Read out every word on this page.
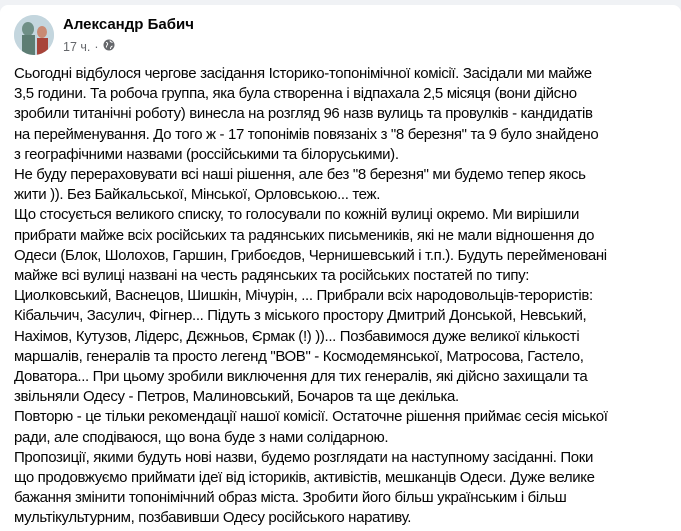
Александр Бабич
17 ч. ·
Сьогодні відбулося чергове засідання Історико-топонімічної комісії. Засідали ми майже
3,5 години. Та робоча группа, яка була створенна і відпахала 2,5 місяця (вони дійсно
зробили титанічні роботу) винесла на розгляд 96 назв вулиць та провулків - кандидатів
на перейменування. До того ж - 17 топонімів повязаніх з "8 березня" та 9 було знайдено
з географічними назвами (россійськими та білоруськими).
Не буду перераховувати всі наші рішення, але без "8 березня" ми будемо тепер якось
жити )). Без Байкальської, Мінської, Орловською... теж.
Що стосується великого списку, то голосували по кожній вулиці окремо. Ми вирішили
прибрати майже всіх російських та радянських письмеників, які не мали відношення до
Одеси (Блок, Шолохов, Гаршин, Грибоєдов, Чернишевський і т.п.). Будуть перейменовані
майже всі вулиці названі на честь радянських та російських постатей по типу:
Циолковський, Васнецов, Шишкін, Мічурін, ... Прибрали всіх народовольців-терористів:
Кібальчич, Засулич, Фігнер... Підуть з міського простору Дмитрий Донськой, Невський,
Нахімов, Кутузов, Лідерс, Дєжньов, Єрмак (!) ))... Позбавимося дуже великої кількості
маршалів, генералів та просто легенд "ВОВ" - Космодемянської, Матросова, Гастело,
Доватора... При цьому зробили виключення для тих генералів, які дійсно захищали та
звільняли Одесу - Петров, Малиновський, Бочаров та ще декілька.
Повторю - це тільки рекомендації нашої комісії. Остаточне рішення приймає сесія міської
ради, але сподіваюся, що вона буде з нами солідарною.
Пропозиції, якими будуть нові назви, будемо розглядати на наступному засіданні. Поки
що продовжуємо приймати ідеї від істориків, активістів, мешканців Одеси. Дуже велике
бажання змінити топонімічний образ міста. Зробити його більш українським і більш
мультікультурним, позбавивши Одесу російського наративу.
